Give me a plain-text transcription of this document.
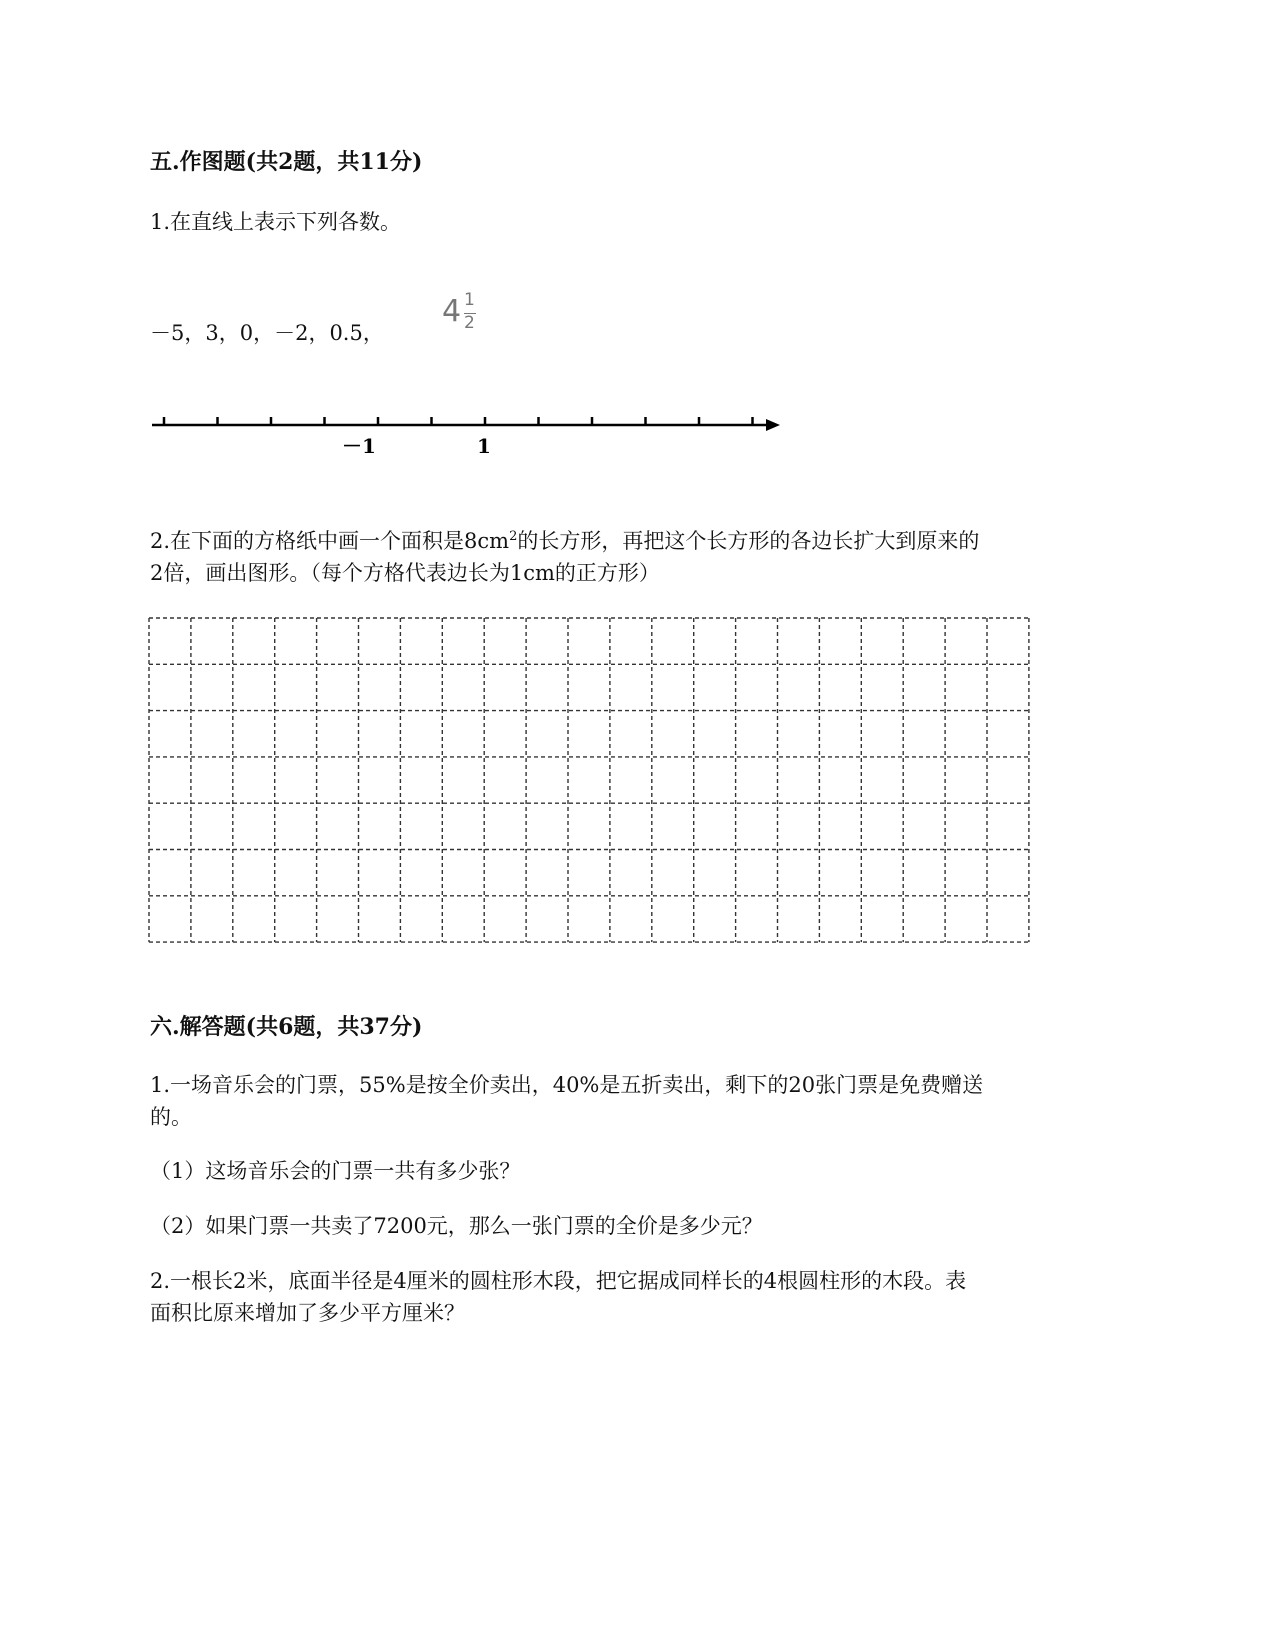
五.作图题(共2题，共11分)
1.在直线上表示下列各数。
－5，3，0，－2，0.5，
4 1
2
－1	1
2.在下面的方格纸中画一个面积是$8cm^2$的长方形，再把这个长方形的各边长扩大到原来的
2倍，画出图形。（每个方格代表边长为1cm的正方形）
六.解答题(共6题，共37分)
1.一场音乐会的门票，55%是按全价卖出，40%是五折卖出，剩下的20张门票是免费赠送
的。
（1）这场音乐会的门票一共有多少张？
（2）如果门票一共卖了7200元，那么一张门票的全价是多少元？
2.一根长2米，底面半径是4厘米的圆柱形木段，把它据成同样长的4根圆柱形的木段。表
面积比原来增加了多少平方厘米？
